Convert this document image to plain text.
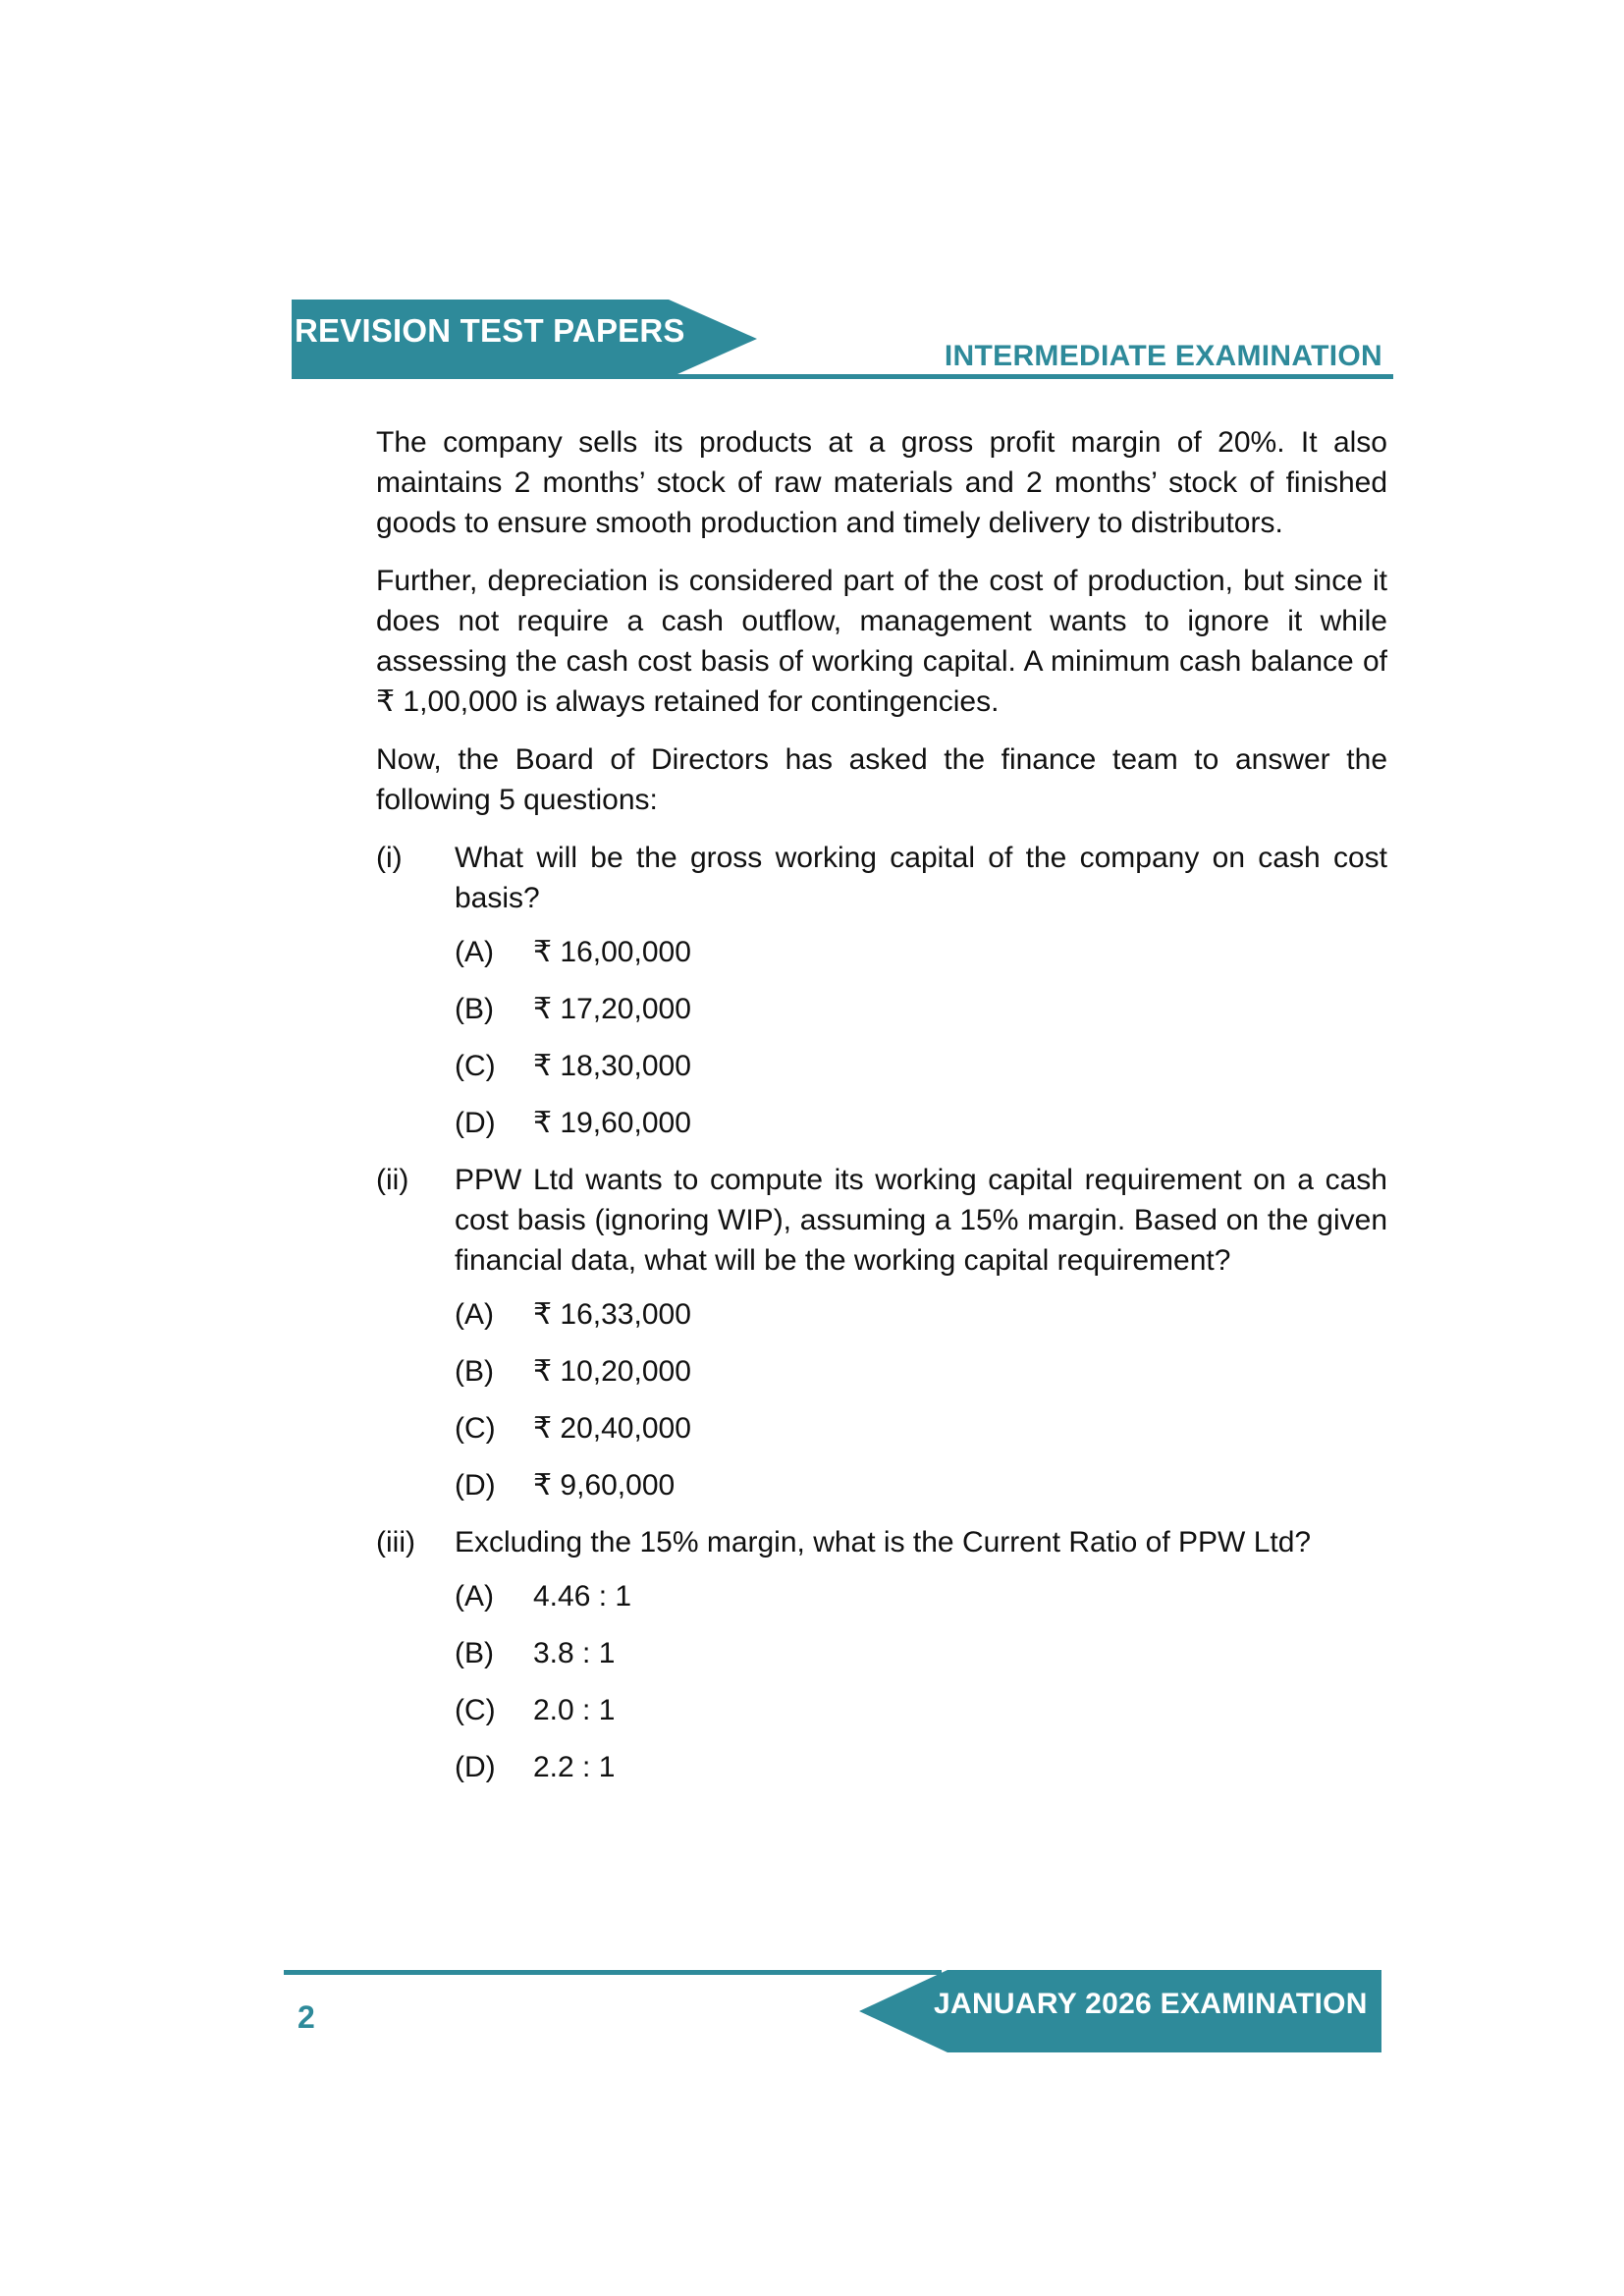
REVISION TEST PAPERS
INTERMEDIATE EXAMINATION

The company sells its products at a gross profit margin of 20%. It also maintains 2 months’ stock of raw materials and 2 months’ stock of finished goods to ensure smooth production and timely delivery to distributors.

Further, depreciation is considered part of the cost of production, but since it does not require a cash outflow, management wants to ignore it while assessing the cash cost basis of working capital. A minimum cash balance of ₹ 1,00,000 is always retained for contingencies.

Now, the Board of Directors has asked the finance team to answer the following 5 questions:

(i)	What will be the gross working capital of the company on cash cost basis?
(A)	₹ 16,00,000
(B)	₹ 17,20,000
(C)	₹ 18,30,000
(D)	₹ 19,60,000
(ii)	PPW Ltd wants to compute its working capital requirement on a cash cost basis (ignoring WIP), assuming a 15% margin. Based on the given financial data, what will be the working capital requirement?
(A)	₹ 16,33,000
(B)	₹ 10,20,000
(C)	₹ 20,40,000
(D)	₹ 9,60,000
(iii)	Excluding the 15% margin, what is the Current Ratio of PPW Ltd?
(A)	4.46 : 1
(B)	3.8 : 1
(C)	2.0 : 1
(D)	2.2 : 1
JANUARY 2026 EXAMINATION
2
